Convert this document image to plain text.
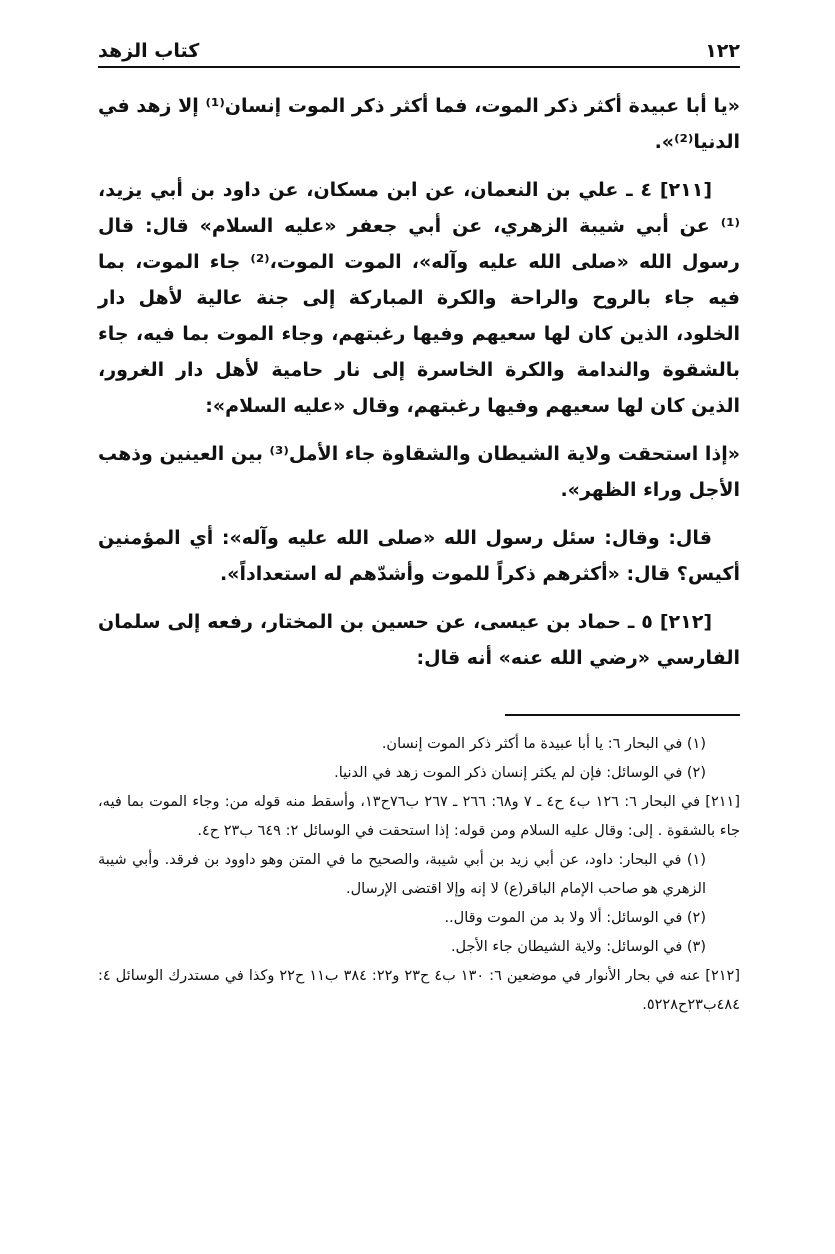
١٢٢
كتاب الزهد

«يا أبا عبيدة أكثر ذكر الموت، فما أكثر ذكر الموت إنسان⁽¹⁾ إلا زهد في الدنيا⁽²⁾».

[٢١١] ٤ ـ علي بن النعمان، عن ابن مسكان، عن داود بن أبي يزيد،⁽¹⁾ عن أبي شيبة الزهري، عن أبي جعفر «عليه السلام» قال: قال رسول الله «صلى الله عليه وآله»، الموت الموت،⁽²⁾ جاء الموت، بما فيه جاء بالروح والراحة والكرة المباركة إلى جنة عالية لأهل دار الخلود، الذين كان لها سعيهم وفيها رغبتهم، وجاء الموت بما فيه، جاء بالشقوة والندامة والكرة الخاسرة إلى نار حامية لأهل دار الغرور، الذين كان لها سعيهم وفيها رغبتهم، وقال «عليه السلام»:

«إذا استحقت ولاية الشيطان والشقاوة جاء الأمل⁽³⁾ بين العينين وذهب الأجل وراء الظهر».

قال: وقال: سئل رسول الله «صلى الله عليه وآله»: أي المؤمنين أكيس؟ قال: «أكثرهم ذكراً للموت وأشدّهم له استعداداً».

[٢١٢] ٥ ـ حماد بن عيسى، عن حسين بن المختار، رفعه إلى سلمان الفارسي «رضي الله عنه» أنه قال:

(١) في البحار ٦: يا أبا عبيدة ما أكثر ذكر الموت إنسان.

(٢) في الوسائل: فإن لم يكثر إنسان ذكر الموت زهد في الدنيا.

[٢١١] في البحار ٦: ١٢٦ ب٤ ح٤ ـ ٧ و٦٨: ٢٦٦ ـ ٢٦٧ ب٧٦ح١٣، وأسقط منه قوله من: وجاء الموت بما فيه، جاء بالشقوة . إلى: وقال عليه السلام ومن قوله: إذا استحقت في الوسائل ٢: ٦٤٩ ب٢٣ ح٤.

(١) في البحار: داود، عن أبي زيد بن أبي شيبة، والصحيح ما في المتن وهو داوود بن فرقد. وأبي شيبة الزهري هو صاحب الإمام الباقر(ع) لا إنه وإلا اقتضى الإرسال.

(٢) في الوسائل: ألا ولا بد من الموت وقال..

(٣) في الوسائل: ولاية الشيطان جاء الأجل.

[٢١٢] عنه في بحار الأنوار في موضعين ٦: ١٣٠ ب٤ ح٢٣ و٢٢: ٣٨٤ ب١١ ح٢٢ وكذا في مستدرك الوسائل ٤: ٤٨٤ب٢٣ح٥٢٢٨.
